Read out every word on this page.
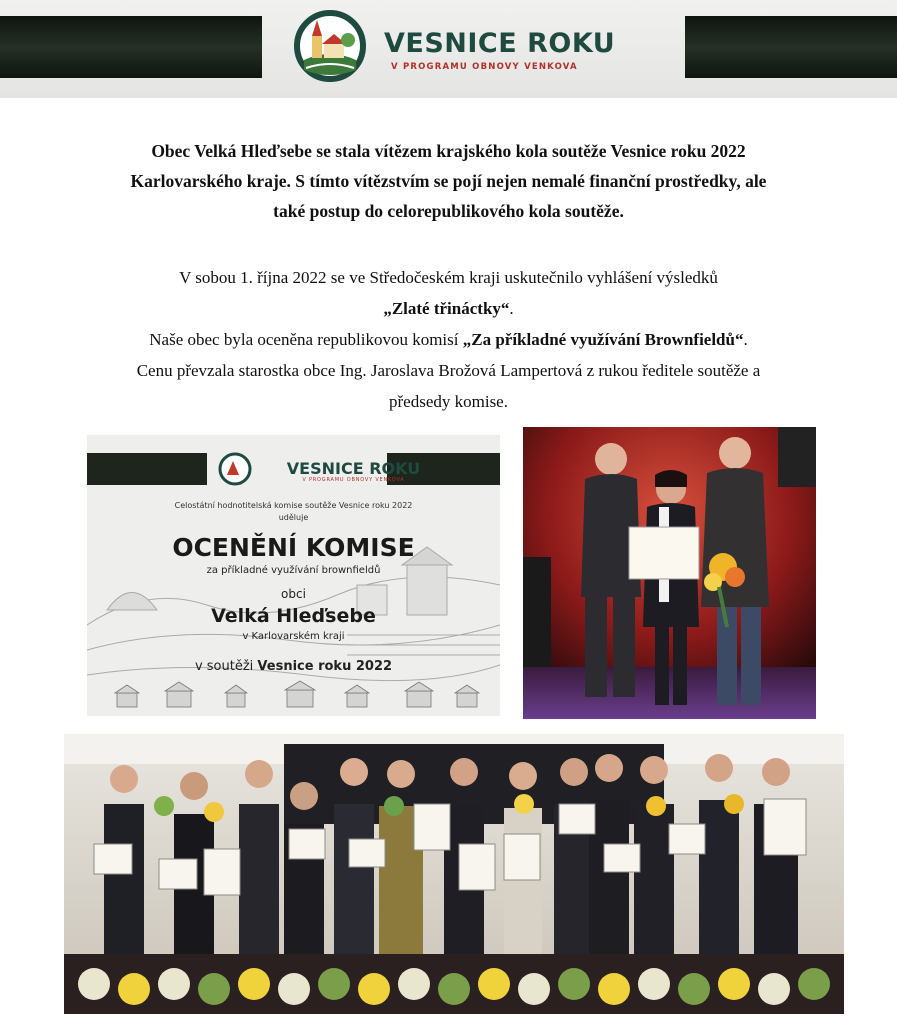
VESNICE ROKU
V PROGRAMU OBNOVY VENKOVA
Obec Velká Hleďsebe se stala vítězem krajského kola soutěže Vesnice roku 2022
Karlovarského kraje. S tímto vítězstvím se pojí nejen nemalé finanční prostředky, ale
také postup do celorepublikového kola soutěže.
V sobou 1. října 2022 se ve Středočeském kraji uskutečnilo vyhlášení výsledků
„Zlaté třináctky“.
Naše obec byla oceněna republikovou komisí „Za příkladné využívání Brownfieldů“.
Cenu převzala starostka obce Ing. Jaroslava Brožová Lampertová z rukou ředitele soutěže a
předsedy komise.
VESNICE ROKU
V PROGRAMU OBNOVY VENKOVA
Celostátní hodnotitelská komise soutěže Vesnice roku 2022
uděluje
OCENĚNÍ KOMISE
za příkladné využívání brownfieldů
obci
Velká Hleďsebe
v Karlovarském kraji
v soutěži Vesnice roku 2022
